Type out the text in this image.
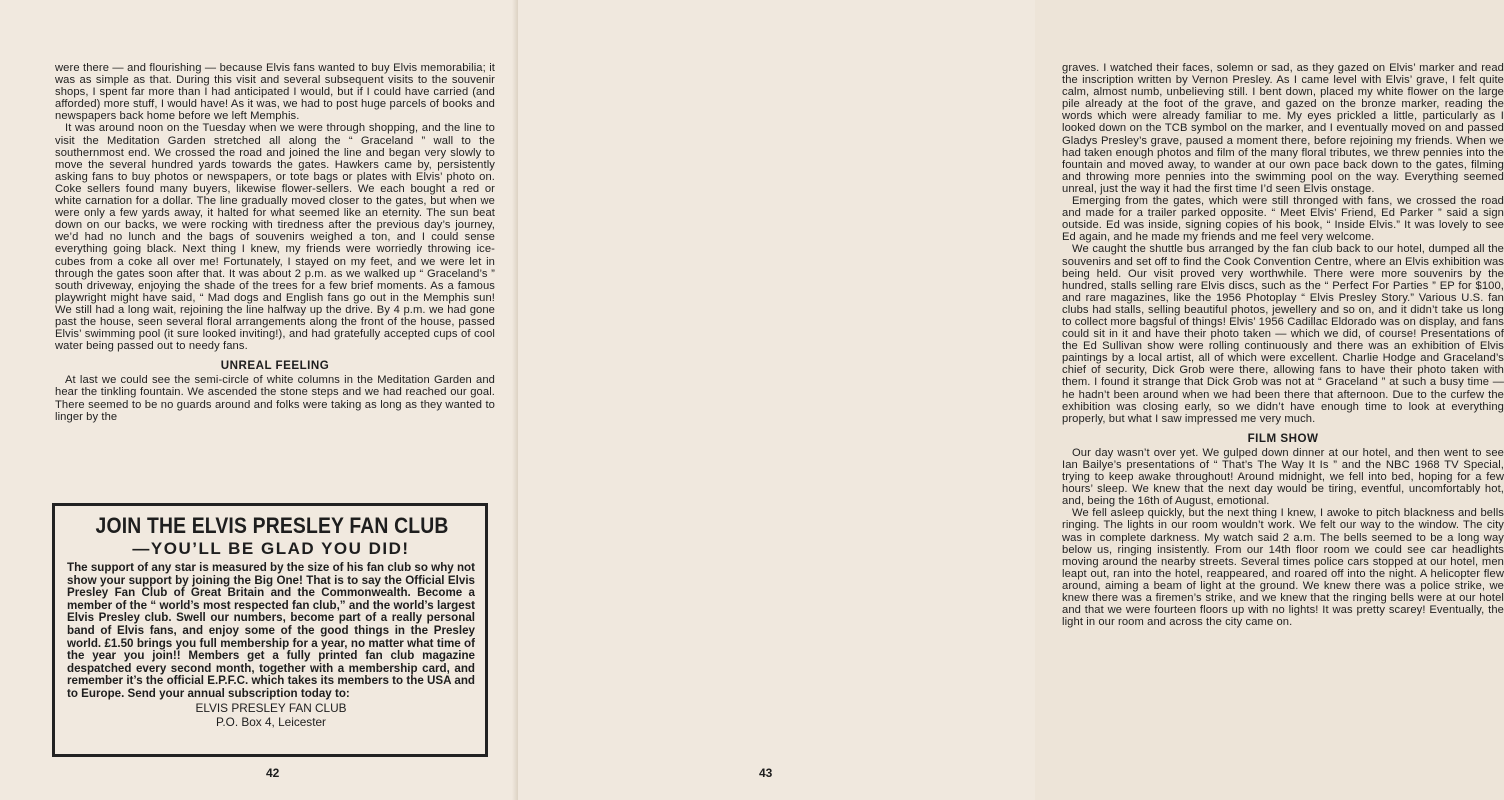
were there — and flourishing — because Elvis fans wanted to buy Elvis memorabilia; it was as simple as that. During this visit and several subsequent visits to the souvenir shops, I spent far more than I had anticipated I would, but if I could have carried (and afforded) more stuff, I would have! As it was, we had to post huge parcels of books and newspapers back home before we left Memphis.

It was around noon on the Tuesday when we were through shopping, and the line to visit the Meditation Garden stretched all along the “ Graceland ” wall to the southernmost end. We crossed the road and joined the line and began very slowly to move the several hundred yards towards the gates. Hawkers came by, persistently asking fans to buy photos or newspapers, or tote bags or plates with Elvis’ photo on. Coke sellers found many buyers, likewise flower-sellers. We each bought a red or white carnation for a dollar. The line gradually moved closer to the gates, but when we were only a few yards away, it halted for what seemed like an eternity. The sun beat down on our backs, we were rocking with tiredness after the previous day’s journey, we’d had no lunch and the bags of souvenirs weighed a ton, and I could sense everything going black. Next thing I knew, my friends were worriedly throwing ice-cubes from a coke all over me! Fortunately, I stayed on my feet, and we were let in through the gates soon after that. It was about 2 p.m. as we walked up “ Graceland’s ” south driveway, enjoying the shade of the trees for a few brief moments. As a famous playwright might have said, “ Mad dogs and English fans go out in the Memphis sun! We still had a long wait, rejoining the line halfway up the drive. By 4 p.m. we had gone past the house, seen several floral arrangements along the front of the house, passed Elvis’ swimming pool (it sure looked inviting!), and had gratefully accepted cups of cool water being passed out to needy fans.

UNREAL FEELING

At last we could see the semi-circle of white columns in the Meditation Garden and hear the tinkling fountain. We ascended the stone steps and we had reached our goal. There seemed to be no guards around and folks were taking as long as they wanted to linger by the

JOIN THE ELVIS PRESLEY FAN CLUB
—YOU’LL BE GLAD YOU DID!
The support of any star is measured by the size of his fan club so why not show your support by joining the Big One! That is to say the Official Elvis Presley Fan Club of Great Britain and the Commonwealth. Become a member of the “ world’s most respected fan club,” and the world’s largest Elvis Presley club. Swell our numbers, become part of a really personal band of Elvis fans, and enjoy some of the good things in the Presley world. £1.50 brings you full membership for a year, no matter what time of the year you join!! Members get a fully printed fan club magazine despatched every second month, together with a membership card, and remember it’s the official E.P.F.C. which takes its members to the USA and to Europe. Send your annual subscription today to:
ELVIS PRESLEY FAN CLUB
P.O. Box 4, Leicester
42

graves. I watched their faces, solemn or sad, as they gazed on Elvis’ marker and read the inscription written by Vernon Presley. As I came level with Elvis’ grave, I felt quite calm, almost numb, unbelieving still. I bent down, placed my white flower on the large pile already at the foot of the grave, and gazed on the bronze marker, reading the words which were already familiar to me. My eyes prickled a little, particularly as I looked down on the TCB symbol on the marker, and I eventually moved on and passed Gladys Presley’s grave, paused a moment there, before rejoining my friends. When we had taken enough photos and film of the many floral tributes, we threw pennies into the fountain and moved away, to wander at our own pace back down to the gates, filming and throwing more pennies into the swimming pool on the way. Everything seemed unreal, just the way it had the first time I’d seen Elvis onstage.

Emerging from the gates, which were still thronged with fans, we crossed the road and made for a trailer parked opposite. “ Meet Elvis’ Friend, Ed Parker ” said a sign outside. Ed was inside, signing copies of his book, “ Inside Elvis.” It was lovely to see Ed again, and he made my friends and me feel very welcome.

We caught the shuttle bus arranged by the fan club back to our hotel, dumped all the souvenirs and set off to find the Cook Convention Centre, where an Elvis exhibition was being held. Our visit proved very worthwhile. There were more souvenirs by the hundred, stalls selling rare Elvis discs, such as the “ Perfect For Parties ” EP for $100, and rare magazines, like the 1956 Photoplay “ Elvis Presley Story.” Various U.S. fan clubs had stalls, selling beautiful photos, jewellery and so on, and it didn’t take us long to collect more bagsful of things! Elvis’ 1956 Cadillac Eldorado was on display, and fans could sit in it and have their photo taken — which we did, of course! Presentations of the Ed Sullivan show were rolling continuously and there was an exhibition of Elvis paintings by a local artist, all of which were excellent. Charlie Hodge and Graceland’s chief of security, Dick Grob were there, allowing fans to have their photo taken with them. I found it strange that Dick Grob was not at “ Graceland ” at such a busy time — he hadn’t been around when we had been there that afternoon. Due to the curfew the exhibition was closing early, so we didn’t have enough time to look at everything properly, but what I saw impressed me very much.

FILM SHOW

Our day wasn’t over yet. We gulped down dinner at our hotel, and then went to see Ian Bailye’s presentations of “ That’s The Way It Is ” and the NBC 1968 TV Special, trying to keep awake throughout! Around midnight, we fell into bed, hoping for a few hours’ sleep. We knew that the next day would be tiring, eventful, uncomfortably hot, and, being the 16th of August, emotional.

We fell asleep quickly, but the next thing I knew, I awoke to pitch blackness and bells ringing. The lights in our room wouldn’t work. We felt our way to the window. The city was in complete darkness. My watch said 2 a.m. The bells seemed to be a long way below us, ringing insistently. From our 14th floor room we could see car headlights moving around the nearby streets. Several times police cars stopped at our hotel, men leapt out, ran into the hotel, reappeared, and roared off into the night. A helicopter flew around, aiming a beam of light at the ground. We knew there was a police strike, we knew there was a firemen’s strike, and we knew that the ringing bells were at our hotel and that we were fourteen floors up with no lights! It was pretty scarey! Eventually, the light in our room and across the city came on.

43
